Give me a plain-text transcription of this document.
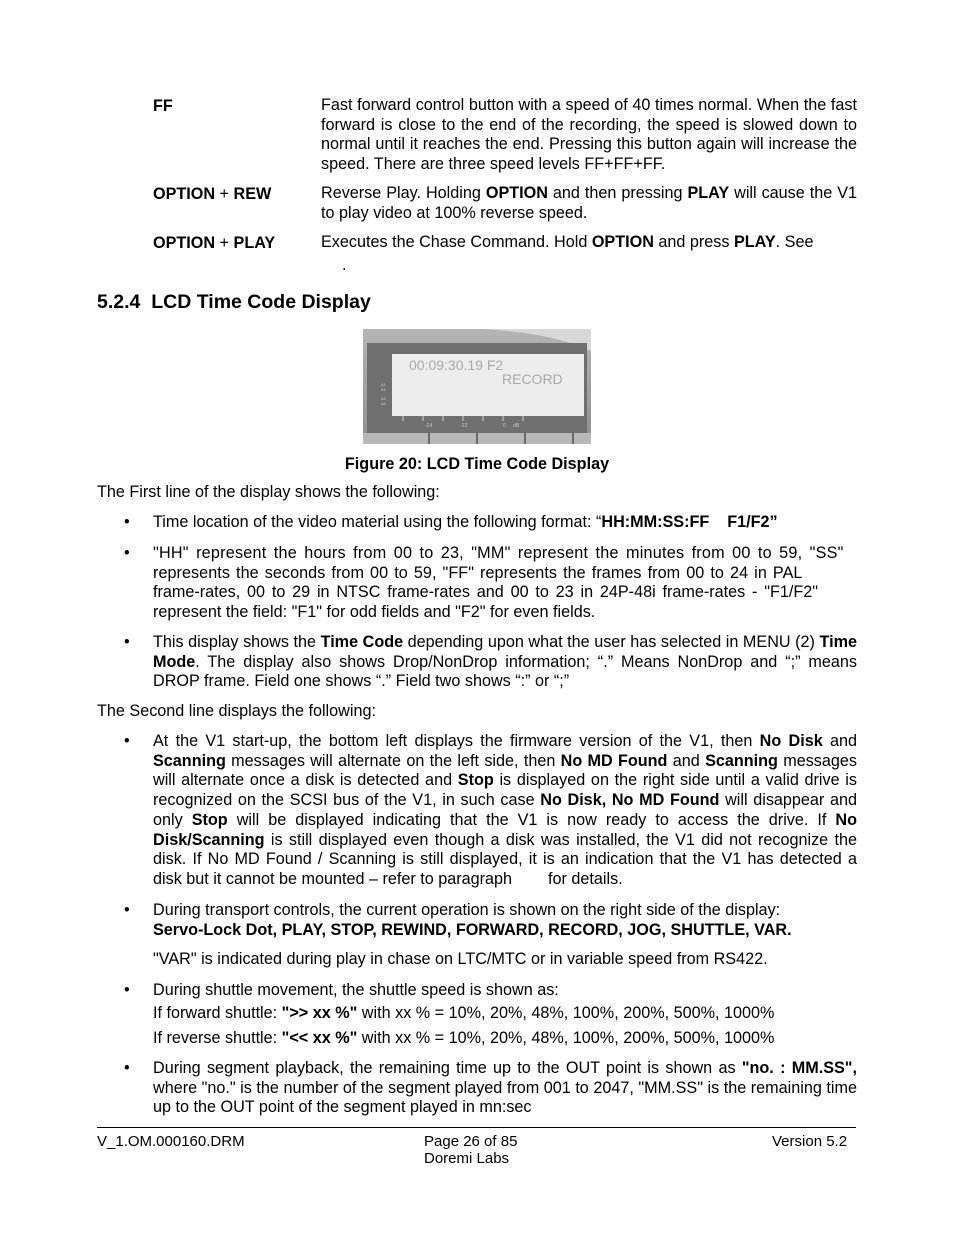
FF	Fast forward control button with a speed of 40 times normal. When the fast forward is close to the end of the recording, the speed is slowed down to normal until it reaches the end. Pressing this button again will increase the speed. There are three speed levels FF+FF+FF.
OPTION + REW	Reverse Play. Holding OPTION and then pressing PLAY will cause the V1 to play video at 100% reverse speed.
OPTION + PLAY	Executes the Chase Command. Hold OPTION and press PLAY. See
.
5.2.4 LCD Time Code Display
00:09:30.19 F2
RECORD
A1
A2
A3
A4
-24	-12	0 dB
Figure 20: LCD Time Code Display
The First line of the display shows the following:
• Time location of the video material using the following format: “HH:MM:SS:FF    F1/F2”
• "HH" represent the hours from 00 to 23, "MM" represent the minutes from 00 to 59, "SS"
represents the seconds from 00 to 59, "FF" represents the frames from 00 to 24 in PAL
frame-rates, 00 to 29 in NTSC frame-rates and 00 to 23 in 24P-48i frame-rates - "F1/F2"
represent the field: "F1" for odd fields and "F2" for even fields.
• This display shows the Time Code depending upon what the user has selected in MENU (2) Time Mode. The display also shows Drop/NonDrop information; “.” Means NonDrop and “;” means DROP frame. Field one shows “.” Field two shows “:” or “;”
The Second line displays the following:
• At the V1 start-up, the bottom left displays the firmware version of the V1, then No Disk and Scanning messages will alternate on the left side, then No MD Found and Scanning messages will alternate once a disk is detected and Stop is displayed on the right side until a valid drive is recognized on the SCSI bus of the V1, in such case No Disk, No MD Found will disappear and only Stop will be displayed indicating that the V1 is now ready to access the drive. If No Disk/Scanning is still displayed even though a disk was installed, the V1 did not recognize the disk. If No MD Found / Scanning is still displayed, it is an indication that the V1 has detected a disk but it cannot be mounted – refer to paragraph        for details.
• During transport controls, the current operation is shown on the right side of the display:
Servo-Lock Dot, PLAY, STOP, REWIND, FORWARD, RECORD, JOG, SHUTTLE, VAR.
"VAR" is indicated during play in chase on LTC/MTC or in variable speed from RS422.
• During shuttle movement, the shuttle speed is shown as:
If forward shuttle: ">> xx %" with xx % = 10%, 20%, 48%, 100%, 200%, 500%, 1000%
If reverse shuttle: "<< xx %" with xx % = 10%, 20%, 48%, 100%, 200%, 500%, 1000%
• During segment playback, the remaining time up to the OUT point is shown as "no. : MM.SS", where "no." is the number of the segment played from 001 to 2047, "MM.SS" is the remaining time up to the OUT point of the segment played in mn:sec
V_1.OM.000160.DRM	Page 26 of 85
Doremi Labs
Version 5.2
